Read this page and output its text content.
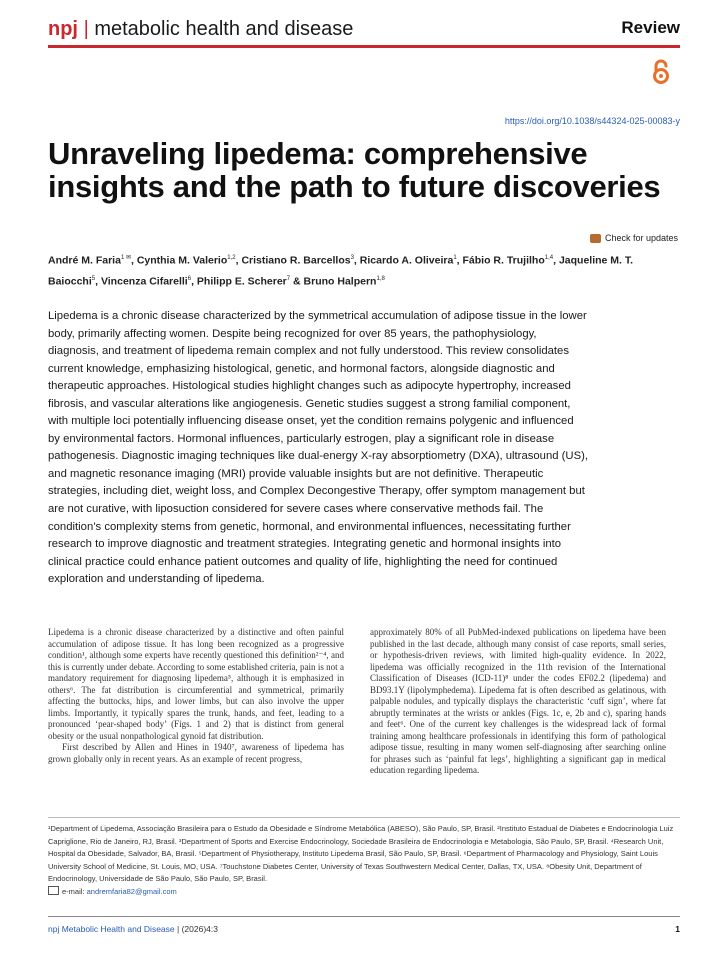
npj | metabolic health and disease	Review
https://doi.org/10.1038/s44324-025-00083-y
Unraveling lipedema: comprehensive insights and the path to future discoveries
Check for updates
André M. Faria$^{1 ✉}$, Cynthia M. Valerio$^{1,2}$, Cristiano R. Barcellos$^3$, Ricardo A. Oliveira$^1$, Fábio R. Trujilho$^{1,4}$, Jaqueline M. T. Baiocchi$^5$, Vincenza Cifarelli$^6$, Philipp E. Scherer$^7$ & Bruno Halpern$^{1,8}$

Lipedema is a chronic disease characterized by the symmetrical accumulation of adipose tissue in the lower body, primarily affecting women. Despite being recognized for over 85 years, the pathophysiology, diagnosis, and treatment of lipedema remain complex and not fully understood. This review consolidates current knowledge, emphasizing histological, genetic, and hormonal factors, alongside diagnostic and therapeutic approaches. Histological studies highlight changes such as adipocyte hypertrophy, increased fibrosis, and vascular alterations like angiogenesis. Genetic studies suggest a strong familial component, with multiple loci potentially influencing disease onset, yet the condition remains polygenic and influenced by environmental factors. Hormonal influences, particularly estrogen, play a significant role in disease pathogenesis. Diagnostic imaging techniques like dual-energy X-ray absorptiometry (DXA), ultrasound (US), and magnetic resonance imaging (MRI) provide valuable insights but are not definitive. Therapeutic strategies, including diet, weight loss, and Complex Decongestive Therapy, offer symptom management but are not curative, with liposuction considered for severe cases where conservative methods fail. The condition’s complexity stems from genetic, hormonal, and environmental influences, necessitating further research to improve diagnostic and treatment strategies. Integrating genetic and hormonal insights into clinical practice could enhance patient outcomes and quality of life, highlighting the need for continued exploration and understanding of lipedema.

Lipedema is a chronic disease characterized by a distinctive and often painful accumulation of adipose tissue. It has long been recognized as a progressive condition¹, although some experts have recently questioned this definition²⁻⁴, and this is currently under debate. According to some established criteria, pain is not a mandatory requirement for diagnosing lipedema⁵, although it is emphasized in others⁶. The fat distribution is circumferential and symmetrical, primarily affecting the buttocks, hips, and lower limbs, but can also involve the upper limbs. Importantly, it typically spares the trunk, hands, and feet, leading to a pronounced ‘pear-shaped body’ (Figs. 1 and 2) that is distinct from general obesity or the usual nonpathological gynoid fat distribution.

First described by Allen and Hines in 1940⁷, awareness of lipedema has grown globally only in recent years. As an example of recent progress,

approximately 80% of all PubMed-indexed publications on lipedema have been published in the last decade, although many consist of case reports, small series, or hypothesis-driven reviews, with limited high-quality evidence. In 2022, lipedema was officially recognized in the 11th revision of the International Classification of Diseases (ICD-11)⁸ under the codes EF02.2 (lipedema) and BD93.1Y (lipolymphedema). Lipedema fat is often described as gelatinous, with palpable nodules, and typically displays the characteristic ‘cuff sign’, where fat abruptly terminates at the wrists or ankles (Figs. 1c, e, 2b and c), sparing hands and feet⁶. One of the current key challenges is the widespread lack of formal training among healthcare professionals in identifying this form of pathological adipose tissue, resulting in many women self-diagnosing after searching online for phrases such as ‘painful fat legs’, highlighting a significant gap in medical education regarding lipedema.

¹Department of Lipedema, Associação Brasileira para o Estudo da Obesidade e Síndrome Metabólica (ABESO), São Paulo, SP, Brasil. ²Instituto Estadual de Diabetes e Endocrinologia Luiz Capriglione, Rio de Janeiro, RJ, Brasil. ³Department of Sports and Exercise Endocrinology, Sociedade Brasileira de Endocrinologia e Metabologia, São Paulo, SP, Brasil. ⁴Research Unit, Hospital da Obesidade, Salvador, BA, Brasil. ⁵Department of Physiotherapy, Instituto Lipedema Brasil, São Paulo, SP, Brasil. ⁶Department of Pharmacology and Physiology, Saint Louis University School of Medicine, St. Louis, MO, USA. ⁷Touchstone Diabetes Center, University of Texas Southwestern Medical Center, Dallas, TX, USA. ⁸Obesity Unit, Department of Endocrinology, Universidade de São Paulo, São Paulo, SP, Brasil.
e-mail: andremfaria82@gmail.com
npj Metabolic Health and Disease | (2026)4:3	1
